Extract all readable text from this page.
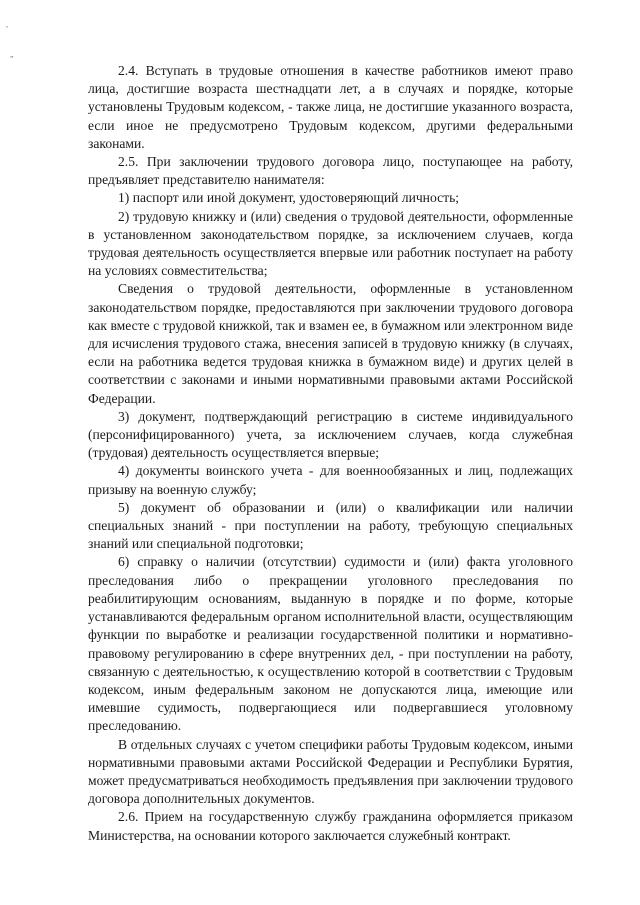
,
„

2.4. Вступать в трудовые отношения в качестве работников имеют право лица, достигшие возраста шестнадцати лет, а в случаях и порядке, которые установлены Трудовым кодексом, - также лица, не достигшие указанного возраста, если иное не предусмотрено Трудовым кодексом, другими федеральными законами.

2.5. При заключении трудового договора лицо, поступающее на работу, предъявляет представителю нанимателя:

1) паспорт или иной документ, удостоверяющий личность;

2) трудовую книжку и (или) сведения о трудовой деятельности, оформленные в установленном законодательством порядке, за исключением случаев, когда трудовая деятельность осуществляется впервые или работник поступает на работу на условиях совместительства;

Сведения о трудовой деятельности, оформленные в установленном законодательством порядке, предоставляются при заключении трудового договора как вместе с трудовой книжкой, так и взамен ее, в бумажном или электронном виде для исчисления трудового стажа, внесения записей в трудовую книжку (в случаях, если на работника ведется трудовая книжка в бумажном виде) и других целей в соответствии с законами и иными нормативными правовыми актами Российской Федерации.

3) документ, подтверждающий регистрацию в системе индивидуального (персонифицированного) учета, за исключением случаев, когда служебная (трудовая) деятельность осуществляется впервые;

4) документы воинского учета - для военнообязанных и лиц, подлежащих призыву на военную службу;

5) документ об образовании и (или) о квалификации или наличии специальных знаний - при поступлении на работу, требующую специальных знаний или специальной подготовки;

6) справку о наличии (отсутствии) судимости и (или) факта уголовного преследования либо о прекращении уголовного преследования по реабилитирующим основаниям, выданную в порядке и по форме, которые устанавливаются федеральным органом исполнительной власти, осуществляющим функции по выработке и реализации государственной политики и нормативно-правовому регулированию в сфере внутренних дел, - при поступлении на работу, связанную с деятельностью, к осуществлению которой в соответствии с Трудовым кодексом, иным федеральным законом не допускаются лица, имеющие или имевшие судимость, подвергающиеся или подвергавшиеся уголовному преследованию.

В отдельных случаях с учетом специфики работы Трудовым кодексом, иными нормативными правовыми актами Российской Федерации и Республики Бурятия, может предусматриваться необходимость предъявления при заключении трудового договора дополнительных документов.

2.6. Прием на государственную службу гражданина оформляется приказом Министерства, на основании которого заключается служебный контракт.
